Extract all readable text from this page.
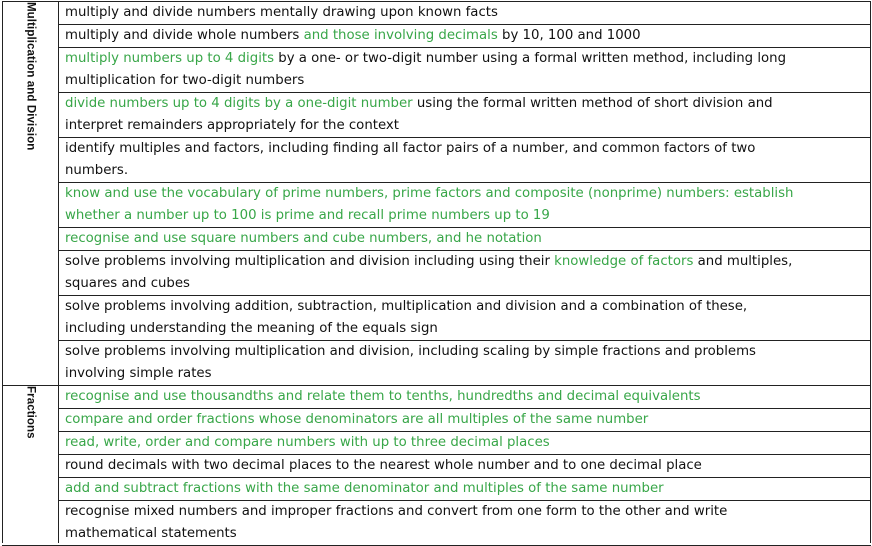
Multiplication and Division	multiply and divide numbers mentally drawing upon known facts

	multiply and divide whole numbers and those involving decimals by 10, 100 and 1000

	multiply numbers up to 4 digits by a one- or two-digit number using a formal written method, including long
multiplication for two-digit numbers

	divide numbers up to 4 digits by a one-digit number using the formal written method of short division and
interpret remainders appropriately for the context

	identify multiples and factors, including finding all factor pairs of a number, and common factors of two
numbers.

	know and use the vocabulary of prime numbers, prime factors and composite (nonprime) numbers: establish
whether a number up to 100 is prime and recall prime numbers up to 19

	recognise and use square numbers and cube numbers, and he notation

	solve problems involving multiplication and division including using their knowledge of factors and multiples,
squares and cubes

	solve problems involving addition, subtraction, multiplication and division and a combination of these,
including understanding the meaning of the equals sign

	solve problems involving multiplication and division, including scaling by simple fractions and problems
involving simple rates

Fractions	recognise and use thousandths and relate them to tenths, hundredths and decimal equivalents

	compare and order fractions whose denominators are all multiples of the same number

	read, write, order and compare numbers with up to three decimal places

	round decimals with two decimal places to the nearest whole number and to one decimal place

	add and subtract fractions with the same denominator and multiples of the same number

	recognise mixed numbers and improper fractions and convert from one form to the other and write
mathematical statements
